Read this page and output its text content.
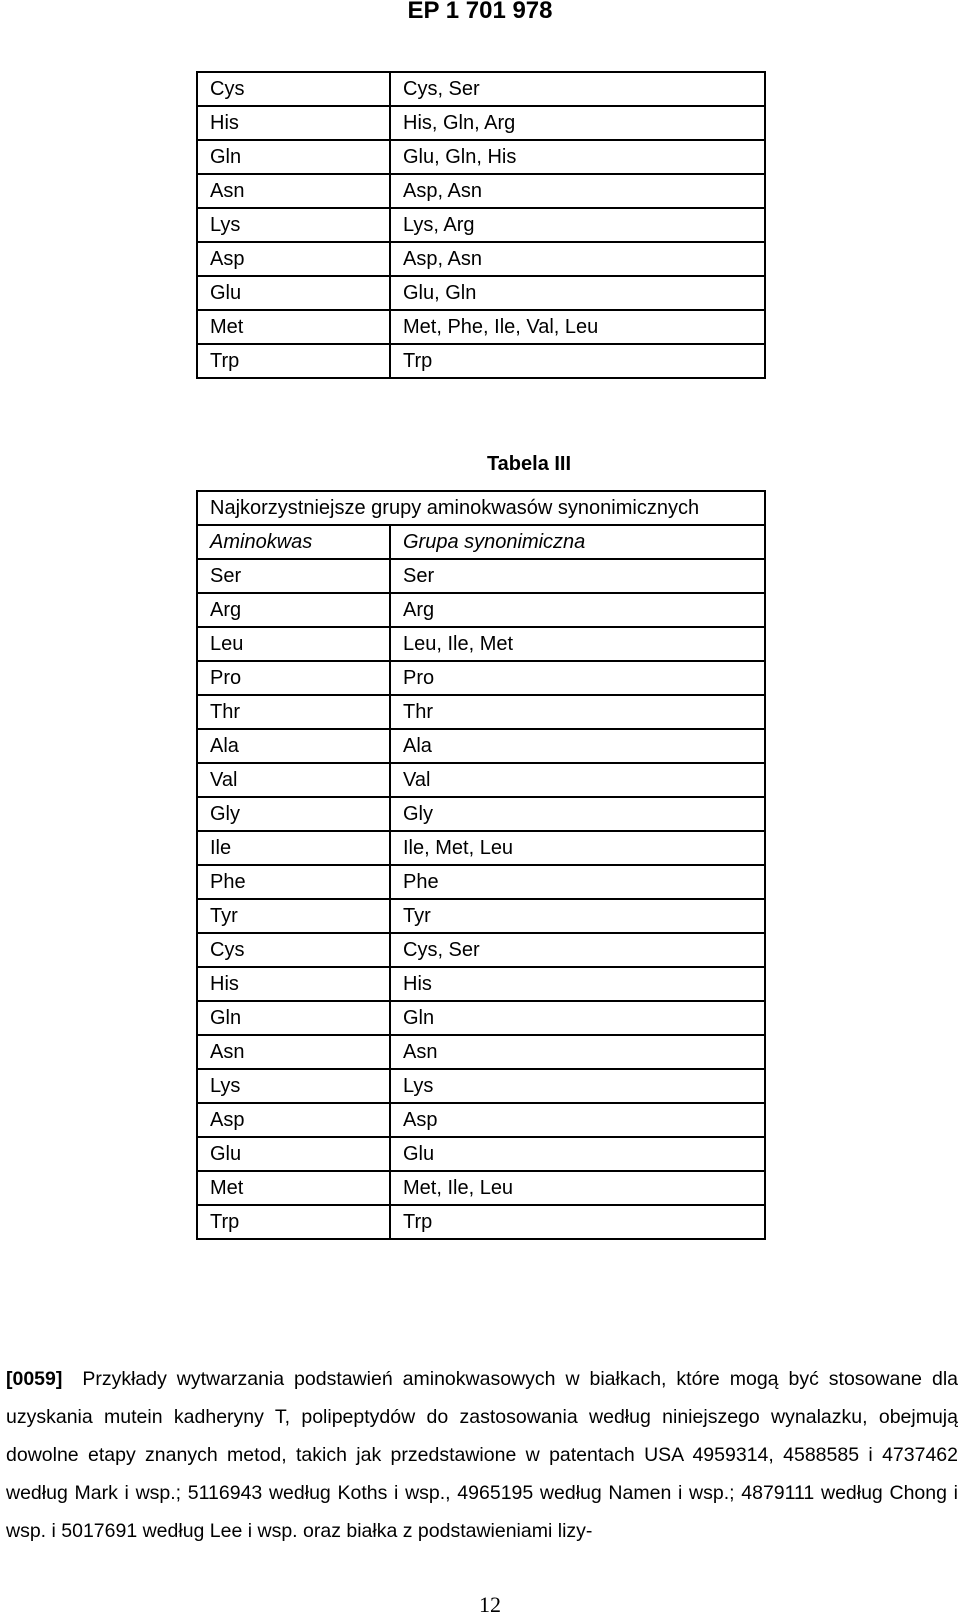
EP 1 701 978
Cys	Cys, Ser
His	His, Gln, Arg
Gln	Glu, Gln, His
Asn	Asp, Asn
Lys	Lys, Arg
Asp	Asp, Asn
Glu	Glu, Gln
Met	Met, Phe, Ile, Val, Leu
Trp	Trp
Tabela III
Najkorzystniejsze grupy aminokwasów synonimicznych	
Aminokwas	Grupa synonimiczna
Ser	Ser
Arg	Arg
Leu	Leu, Ile, Met
Pro	Pro
Thr	Thr
Ala	Ala
Val	Val
Gly	Gly
Ile	Ile, Met, Leu
Phe	Phe
Tyr	Tyr
Cys	Cys, Ser
His	His
Gln	Gln
Asn	Asn
Lys	Lys
Asp	Asp
Glu	Glu
Met	Met, Ile, Leu
Trp	Trp
[0059] Przykłady wytwarzania podstawień aminokwasowych w białkach, które mogą być stosowane dla uzyskania mutein kadheryny T, polipeptydów do zastosowania według niniejszego wynalazku, obejmują dowolne etapy znanych metod, takich jak przedstawione w patentach USA 4959314, 4588585 i 4737462 według Mark i wsp.; 5116943 według Koths i wsp., 4965195 według Namen i wsp.; 4879111 według Chong i wsp. i 5017691 według Lee i wsp. oraz białka z podstawieniami lizy-
12
